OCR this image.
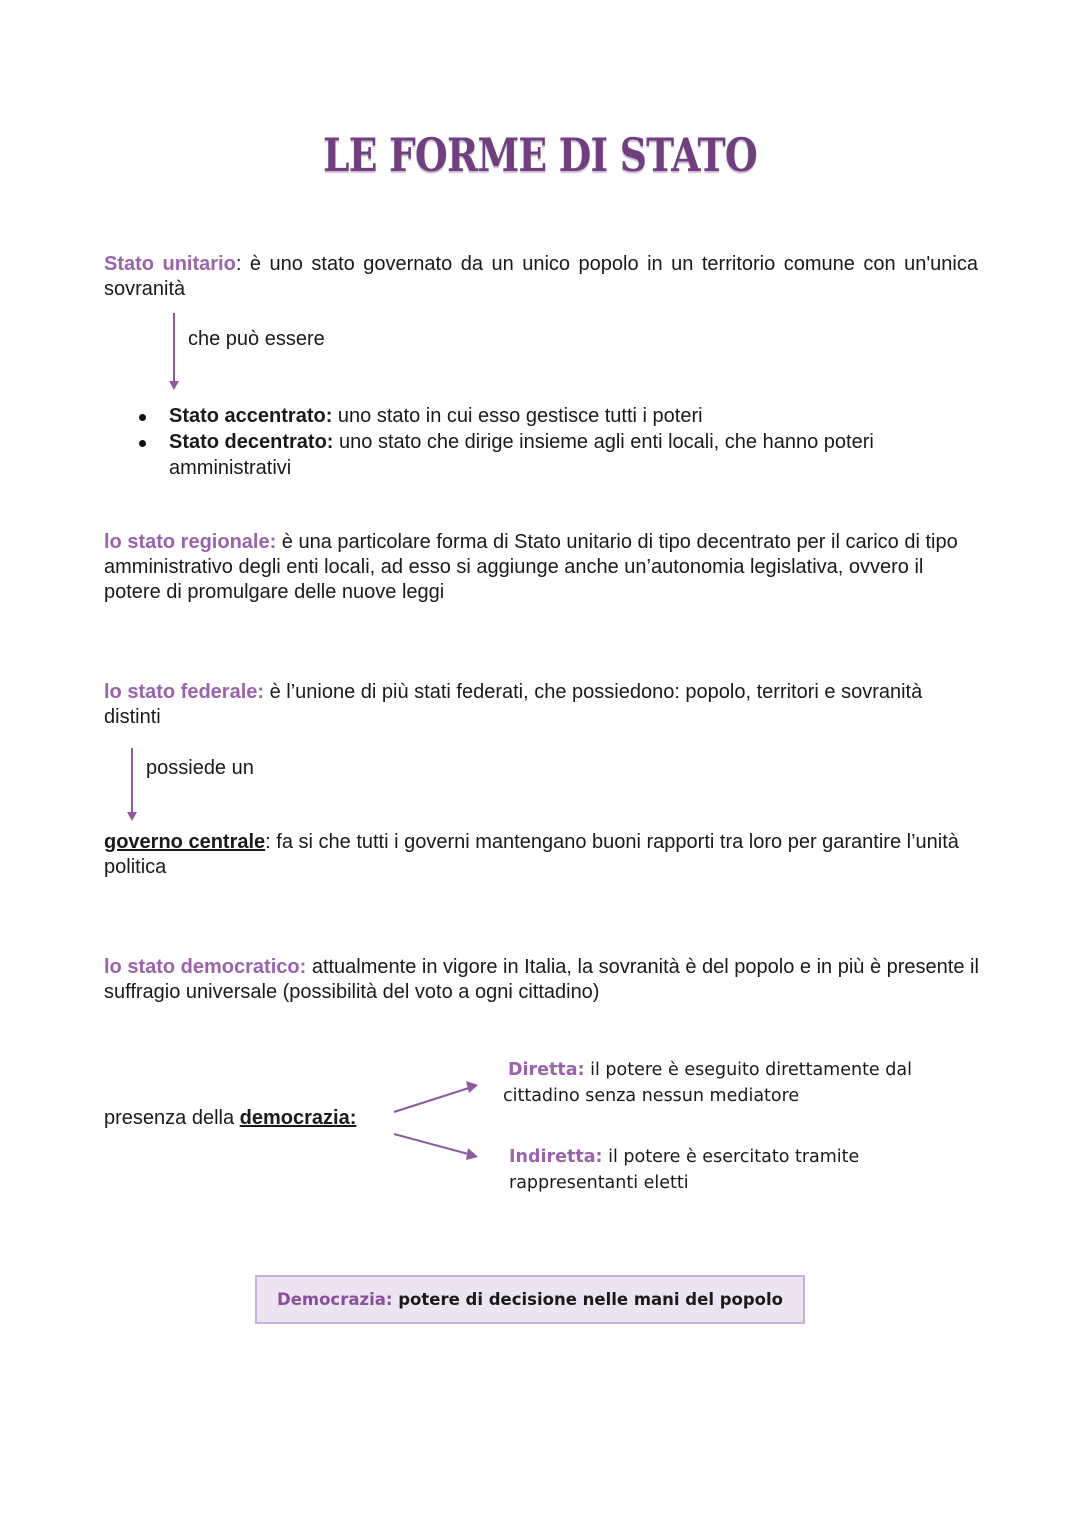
LE FORME DI STATO
Stato unitario: è uno stato governato da un unico popolo in un territorio comune con un'unica sovranità
che può essere
Stato accentrato: uno stato in cui esso gestisce tutti i poteri
Stato decentrato: uno stato che dirige insieme agli enti locali, che hanno poteri amministrativi
lo stato regionale: è una particolare forma di Stato unitario di tipo decentrato per il carico di tipo amministrativo degli enti locali, ad esso si aggiunge anche un’autonomia legislativa, ovvero il potere di promulgare delle nuove leggi
lo stato federale: è l’unione di più stati federati, che possiedono: popolo, territori e sovranità distinti
possiede un
governo centrale: fa si che tutti i governi mantengano buoni rapporti tra loro per garantire l’unità politica
lo stato democratico: attualmente in vigore in Italia, la sovranità è del popolo e in più è presente il suffragio universale (possibilità del voto a ogni cittadino)
presenza della democrazia:
Diretta: il potere è eseguito direttamente dal cittadino senza nessun mediatore
Indiretta: il potere è esercitato tramite rappresentanti eletti
Democrazia: potere di decisione nelle mani del popolo
